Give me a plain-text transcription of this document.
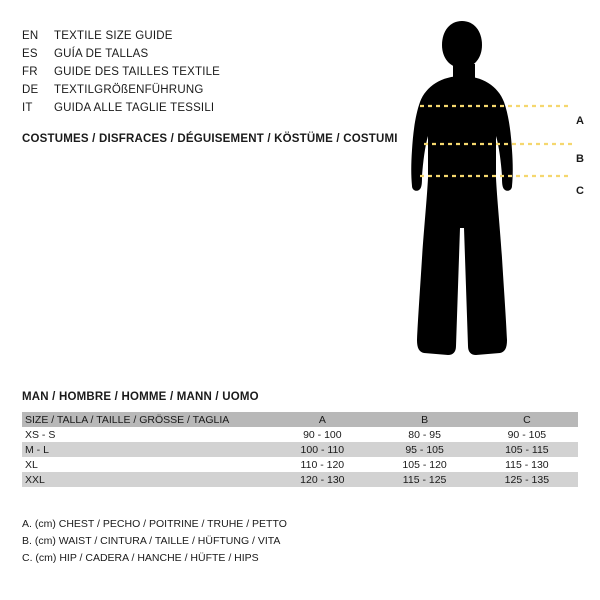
EN	TEXTILE SIZE GUIDE
ES	GUÍA DE TALLAS
FR	GUIDE DES TAILLES TEXTILE
DE	TEXTILGRÖßENFÜHRUNG
IT	GUIDA ALLE TAGLIE TESSILI
COSTUMES / DISFRACES / DÉGUISEMENT / KÖSTÜME / COSTUMI
A
B
C
MAN / HOMBRE / HOMME / MANN / UOMO
SIZE / TALLA / TAILLE / GRÖSSE / TAGLIA	A	B	C
XS - S	90 - 100	80 - 95	90 - 105
M - L	100 - 110	95 - 105	105 - 115
XL	110 - 120	105 - 120	115 - 130
XXL	120 - 130	115 - 125	125 - 135
A. (cm) CHEST / PECHO / POITRINE / TRUHE / PETTO
B. (cm) WAIST / CINTURA / TAILLE / HÜFTUNG / VITA
C. (cm) HIP / CADERA / HANCHE / HÜFTE / HIPS
